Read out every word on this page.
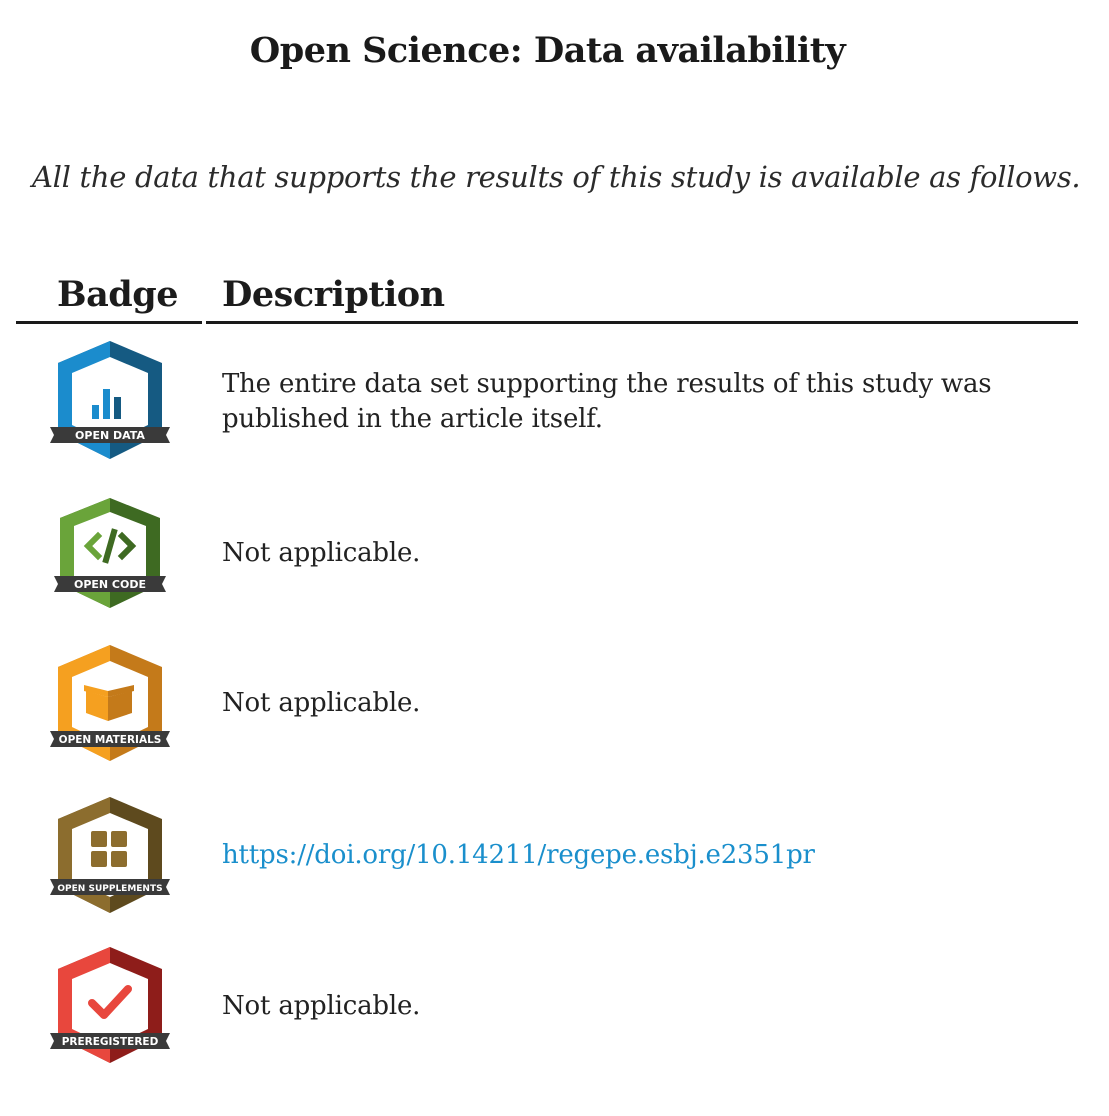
Open Science: Data availability
All the data that supports the results of this study is available as follows.
Badge Description
OPEN DATA
The entire data set supporting the results of this study was published in the article itself.
OPEN CODE
Not applicable.
OPEN MATERIALS
Not applicable.
OPEN SUPPLEMENTS
https://doi.org/10.14211/regepe.esbj.e2351pr
PREREGISTERED
Not applicable.
